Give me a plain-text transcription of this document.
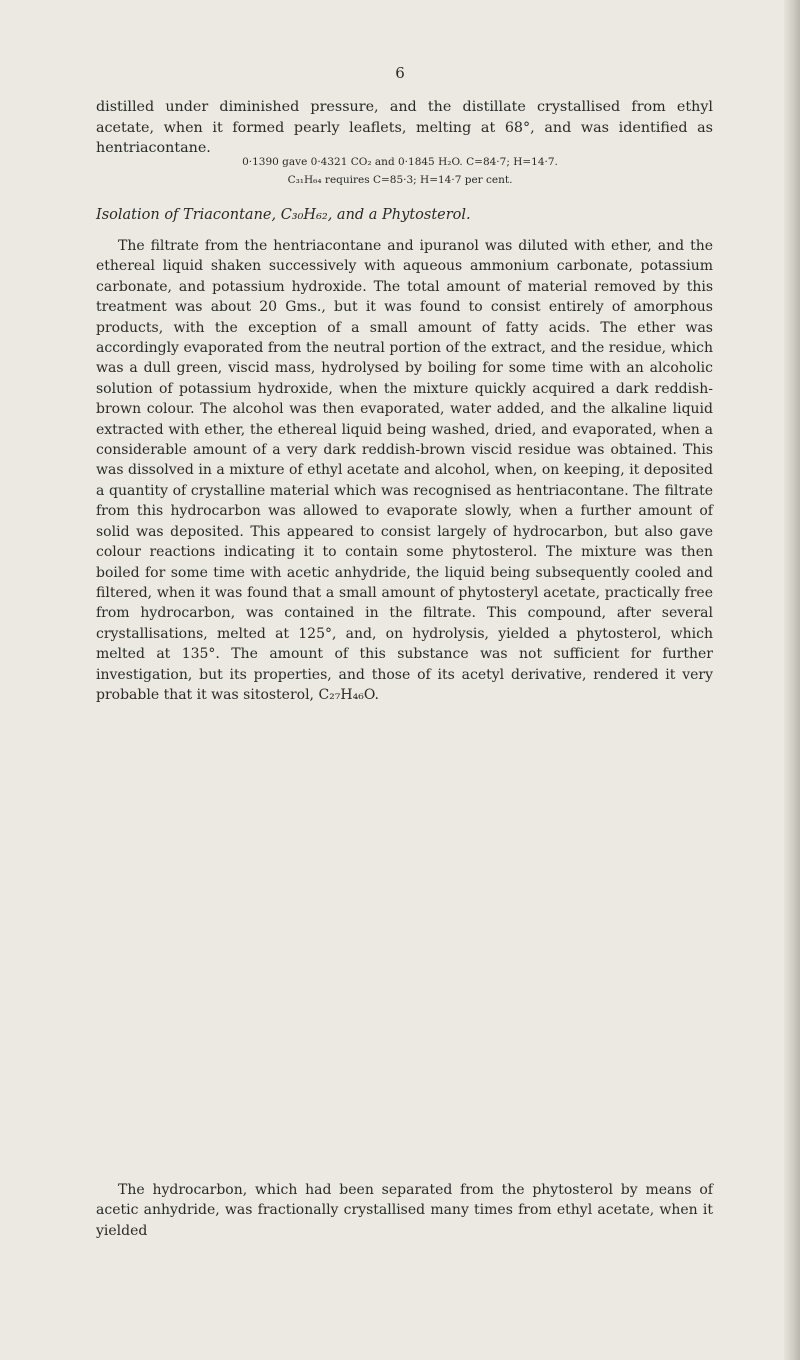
6

distilled under diminished pressure, and the distillate crystallised from ethyl acetate, when it formed pearly leaflets, melting at 68°, and was identified as hentriacontane.

0·1390 gave 0·4321 CO₂ and 0·1845 H₂O. C=84·7; H=14·7.

C₃₁H₆₄ requires C=85·3; H=14·7 per cent.

Isolation of Triacontane, C₃₀H₆₂, and a Phytosterol.

The filtrate from the hentriacontane and ipuranol was diluted with ether, and the ethereal liquid shaken successively with aqueous ammonium carbonate, potassium carbonate, and potassium hydroxide. The total amount of material removed by this treatment was about 20 Gms., but it was found to consist entirely of amorphous products, with the exception of a small amount of fatty acids. The ether was accordingly evaporated from the neutral portion of the extract, and the residue, which was a dull green, viscid mass, hydrolysed by boiling for some time with an alcoholic solution of potassium hydroxide, when the mixture quickly acquired a dark reddish-brown colour. The alcohol was then evaporated, water added, and the alkaline liquid extracted with ether, the ethereal liquid being washed, dried, and evaporated, when a considerable amount of a very dark reddish-brown viscid residue was obtained. This was dissolved in a mixture of ethyl acetate and alcohol, when, on keeping, it deposited a quantity of crystalline material which was recognised as hentriacontane. The filtrate from this hydrocarbon was allowed to evaporate slowly, when a further amount of solid was deposited. This appeared to consist largely of hydrocarbon, but also gave colour reactions indicating it to contain some phytosterol. The mixture was then boiled for some time with acetic anhydride, the liquid being subsequently cooled and filtered, when it was found that a small amount of phytosteryl acetate, practically free from hydrocarbon, was contained in the filtrate. This compound, after several crystallisations, melted at 125°, and, on hydrolysis, yielded a phytosterol, which melted at 135°. The amount of this substance was not sufficient for further investigation, but its properties, and those of its acetyl derivative, rendered it very probable that it was sitosterol, C₂₇H₄₆O.

The hydrocarbon, which had been separated from the phytosterol by means of acetic anhydride, was fractionally crystallised many times from ethyl acetate, when it yielded
